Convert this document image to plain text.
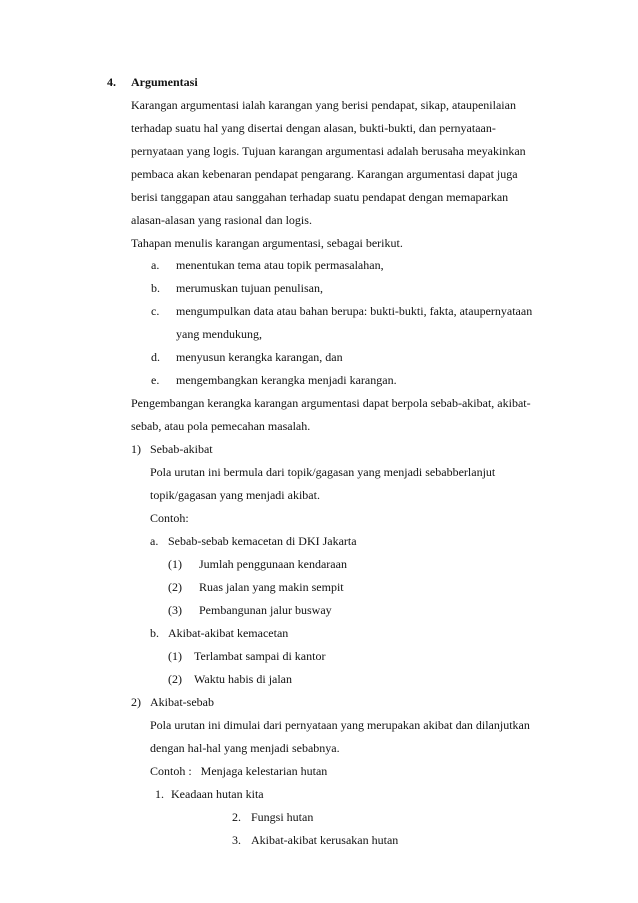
4. Argumentasi
Karangan argumentasi ialah karangan yang berisi pendapat, sikap, ataupenilaian
terhadap suatu hal yang disertai dengan alasan, bukti-bukti, dan pernyataan-
pernyataan yang logis. Tujuan karangan argumentasi adalah berusaha meyakinkan
pembaca akan kebenaran pendapat pengarang. Karangan argumentasi dapat juga
berisi tanggapan atau sanggahan terhadap suatu pendapat dengan memaparkan
alasan-alasan yang rasional dan logis.
Tahapan menulis karangan argumentasi, sebagai berikut.
a. menentukan tema atau topik permasalahan,
b. merumuskan tujuan penulisan,
c. mengumpulkan data atau bahan berupa: bukti-bukti, fakta, ataupernyataan
yang mendukung,
d. menyusun kerangka karangan, dan
e. mengembangkan kerangka menjadi karangan.
Pengembangan kerangka karangan argumentasi dapat berpola sebab-akibat, akibat-
sebab, atau pola pemecahan masalah.
1) Sebab-akibat
Pola urutan ini bermula dari topik/gagasan yang menjadi sebabberlanjut
topik/gagasan yang menjadi akibat.
Contoh:
a. Sebab-sebab kemacetan di DKI Jakarta
(1) Jumlah penggunaan kendaraan
(2) Ruas jalan yang makin sempit
(3) Pembangunan jalur busway
b. Akibat-akibat kemacetan
(1) Terlambat sampai di kantor
(2) Waktu habis di jalan
2) Akibat-sebab
Pola urutan ini dimulai dari pernyataan yang merupakan akibat dan dilanjutkan
dengan hal-hal yang menjadi sebabnya.
Contoh :   Menjaga kelestarian hutan
1. Keadaan hutan kita
2. Fungsi hutan
3. Akibat-akibat kerusakan hutan
